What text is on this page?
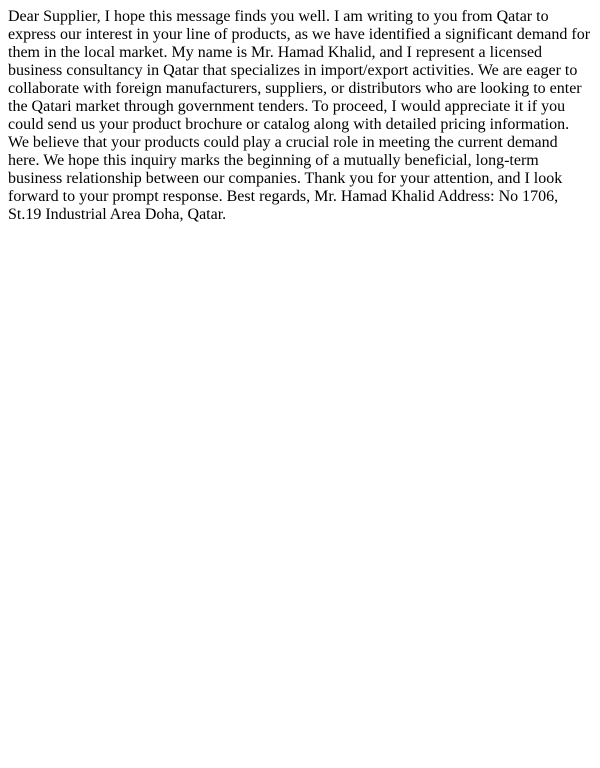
Dear Supplier, I hope this message finds you well. I am writing to you from Qatar to express our interest in your line of products, as we have identified a significant demand for them in the local market. My name is Mr. Hamad Khalid, and I represent a licensed business consultancy in Qatar that specializes in import/export activities. We are eager to collaborate with foreign manufacturers, suppliers, or distributors who are looking to enter the Qatari market through government tenders. To proceed, I would appreciate it if you could send us your product brochure or catalog along with detailed pricing information. We believe that your products could play a crucial role in meeting the current demand here. We hope this inquiry marks the beginning of a mutually beneficial, long-term business relationship between our companies. Thank you for your attention, and I look forward to your prompt response. Best regards, Mr. Hamad Khalid Address: No 1706, St.19 Industrial Area Doha, Qatar.
